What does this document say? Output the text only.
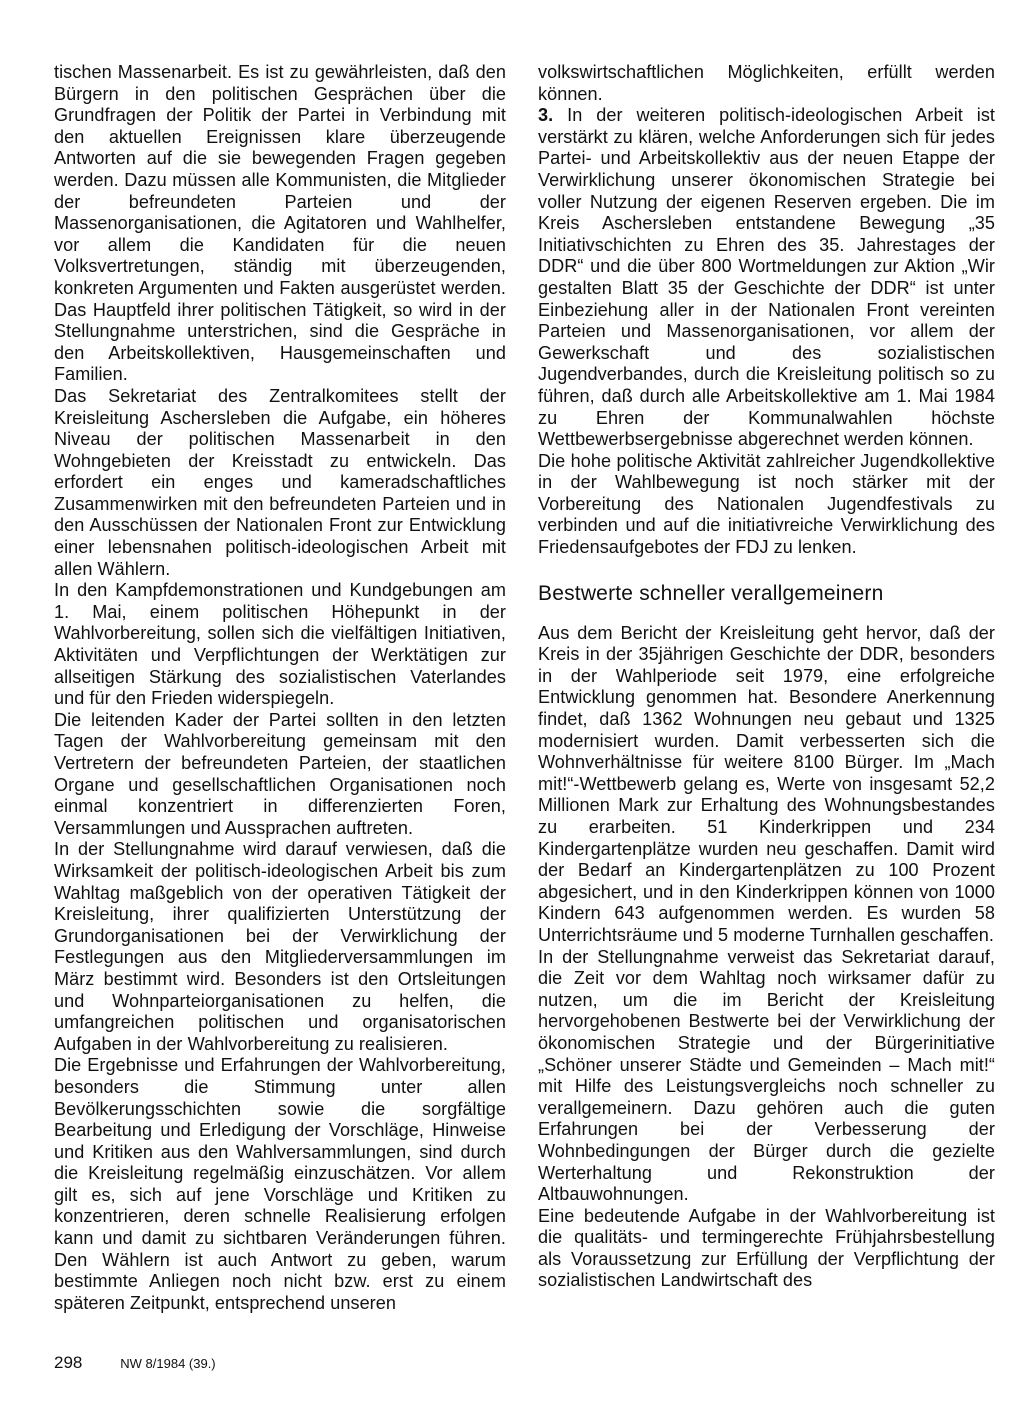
tischen Massenarbeit. Es ist zu gewährleisten, daß den Bürgern in den politischen Gesprächen über die Grundfragen der Politik der Partei in Verbindung mit den aktuellen Ereignissen klare überzeugende Antworten auf die sie bewegenden Fragen gegeben werden. Dazu müssen alle Kommunisten, die Mitglieder der befreundeten Parteien und der Massenorganisationen, die Agitatoren und Wahlhelfer, vor allem die Kandidaten für die neuen Volksvertretungen, ständig mit überzeugenden, konkreten Argumenten und Fakten ausgerüstet werden. Das Hauptfeld ihrer politischen Tätigkeit, so wird in der Stellungnahme unterstrichen, sind die Gespräche in den Arbeitskollektiven, Hausgemeinschaften und Familien.

Das Sekretariat des Zentralkomitees stellt der Kreisleitung Aschersleben die Aufgabe, ein höheres Niveau der politischen Massenarbeit in den Wohngebieten der Kreisstadt zu entwickeln. Das erfordert ein enges und kameradschaftliches Zusammenwirken mit den befreundeten Parteien und in den Ausschüssen der Nationalen Front zur Entwicklung einer lebensnahen politisch-ideologischen Arbeit mit allen Wählern.

In den Kampfdemonstrationen und Kundgebungen am 1. Mai, einem politischen Höhepunkt in der Wahlvorbereitung, sollen sich die vielfältigen Initiativen, Aktivitäten und Verpflichtungen der Werktätigen zur allseitigen Stärkung des sozialistischen Vaterlandes und für den Frieden widerspiegeln.

Die leitenden Kader der Partei sollten in den letzten Tagen der Wahlvorbereitung gemeinsam mit den Vertretern der befreundeten Parteien, der staatlichen Organe und gesellschaftlichen Organisationen noch einmal konzentriert in differenzierten Foren, Versammlungen und Aussprachen auftreten.

In der Stellungnahme wird darauf verwiesen, daß die Wirksamkeit der politisch-ideologischen Arbeit bis zum Wahltag maßgeblich von der operativen Tätigkeit der Kreisleitung, ihrer qualifizierten Unterstützung der Grundorganisationen bei der Verwirklichung der Festlegungen aus den Mitgliederversammlungen im März bestimmt wird. Besonders ist den Ortsleitungen und Wohnparteiorganisationen zu helfen, die umfangreichen politischen und organisatorischen Aufgaben in der Wahlvorbereitung zu realisieren.

Die Ergebnisse und Erfahrungen der Wahlvorbereitung, besonders die Stimmung unter allen Bevölkerungsschichten sowie die sorgfältige Bearbeitung und Erledigung der Vorschläge, Hinweise und Kritiken aus den Wahlversammlungen, sind durch die Kreisleitung regelmäßig einzuschätzen. Vor allem gilt es, sich auf jene Vorschläge und Kritiken zu konzentrieren, deren schnelle Realisierung erfolgen kann und damit zu sichtbaren Veränderungen führen. Den Wählern ist auch Antwort zu geben, warum bestimmte Anliegen noch nicht bzw. erst zu einem späteren Zeitpunkt, entsprechend unseren

volkswirtschaftlichen Möglichkeiten, erfüllt werden können.

3. In der weiteren politisch-ideologischen Arbeit ist verstärkt zu klären, welche Anforderungen sich für jedes Partei- und Arbeitskollektiv aus der neuen Etappe der Verwirklichung unserer ökonomischen Strategie bei voller Nutzung der eigenen Reserven ergeben. Die im Kreis Aschersleben entstandene Bewegung „35 Initiativschichten zu Ehren des 35. Jahrestages der DDR“ und die über 800 Wortmeldungen zur Aktion „Wir gestalten Blatt 35 der Geschichte der DDR“ ist unter Einbeziehung aller in der Nationalen Front vereinten Parteien und Massenorganisationen, vor allem der Gewerkschaft und des sozialistischen Jugendverbandes, durch die Kreisleitung politisch so zu führen, daß durch alle Arbeitskollektive am 1. Mai 1984 zu Ehren der Kommunalwahlen höchste Wettbewerbsergebnisse abgerechnet werden können.

Die hohe politische Aktivität zahlreicher Jugendkollektive in der Wahlbewegung ist noch stärker mit der Vorbereitung des Nationalen Jugendfestivals zu verbinden und auf die initiativreiche Verwirklichung des Friedensaufgebotes der FDJ zu lenken.

Bestwerte schneller verallgemeinern

Aus dem Bericht der Kreisleitung geht hervor, daß der Kreis in der 35jährigen Geschichte der DDR, besonders in der Wahlperiode seit 1979, eine erfolgreiche Entwicklung genommen hat. Besondere Anerkennung findet, daß 1362 Wohnungen neu gebaut und 1325 modernisiert wurden. Damit verbesserten sich die Wohnverhältnisse für weitere 8100 Bürger. Im „Mach mit!“-Wettbewerb gelang es, Werte von insgesamt 52,2 Millionen Mark zur Erhaltung des Wohnungsbestandes zu erarbeiten. 51 Kinderkrippen und 234 Kindergartenplätze wurden neu geschaffen. Damit wird der Bedarf an Kindergartenplätzen zu 100 Prozent abgesichert, und in den Kinderkrippen können von 1000 Kindern 643 aufgenommen werden. Es wurden 58 Unterrichtsräume und 5 moderne Turnhallen geschaffen.

In der Stellungnahme verweist das Sekretariat darauf, die Zeit vor dem Wahltag noch wirksamer dafür zu nutzen, um die im Bericht der Kreisleitung hervorgehobenen Bestwerte bei der Verwirklichung der ökonomischen Strategie und der Bürgerinitiative „Schöner unserer Städte und Gemeinden – Mach mit!“ mit Hilfe des Leistungsvergleichs noch schneller zu verallgemeinern. Dazu gehören auch die guten Erfahrungen bei der Verbesserung der Wohnbedingungen der Bürger durch die gezielte Werterhaltung und Rekonstruktion der Altbauwohnungen.

Eine bedeutende Aufgabe in der Wahlvorbereitung ist die qualitäts- und termingerechte Frühjahrsbestellung als Voraussetzung zur Erfüllung der Verpflichtung der sozialistischen Landwirtschaft des

298	NW 8/1984 (39.)
